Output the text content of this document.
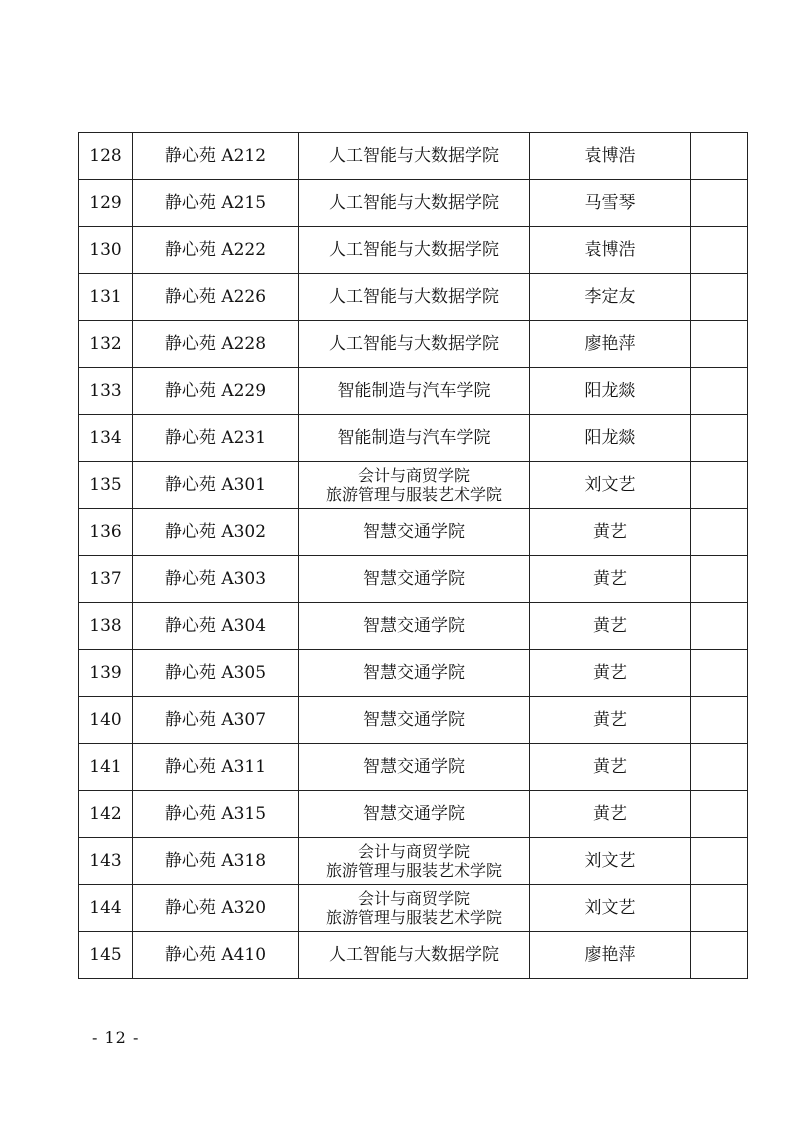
128	静心苑 A212	人工智能与大数据学院	袁博浩	
129	静心苑 A215	人工智能与大数据学院	马雪琴	
130	静心苑 A222	人工智能与大数据学院	袁博浩	
131	静心苑 A226	人工智能与大数据学院	李定友	
132	静心苑 A228	人工智能与大数据学院	廖艳萍	
133	静心苑 A229	智能制造与汽车学院	阳龙燚	
134	静心苑 A231	智能制造与汽车学院	阳龙燚	
135	静心苑 A301	会计与商贸学院
旅游管理与服装艺术学院	刘文艺	
136	静心苑 A302	智慧交通学院	黄艺	
137	静心苑 A303	智慧交通学院	黄艺	
138	静心苑 A304	智慧交通学院	黄艺	
139	静心苑 A305	智慧交通学院	黄艺	
140	静心苑 A307	智慧交通学院	黄艺	
141	静心苑 A311	智慧交通学院	黄艺	
142	静心苑 A315	智慧交通学院	黄艺	
143	静心苑 A318	会计与商贸学院
旅游管理与服装艺术学院	刘文艺	
144	静心苑 A320	会计与商贸学院
旅游管理与服装艺术学院	刘文艺	
145	静心苑 A410	人工智能与大数据学院	廖艳萍	
- 12 -
